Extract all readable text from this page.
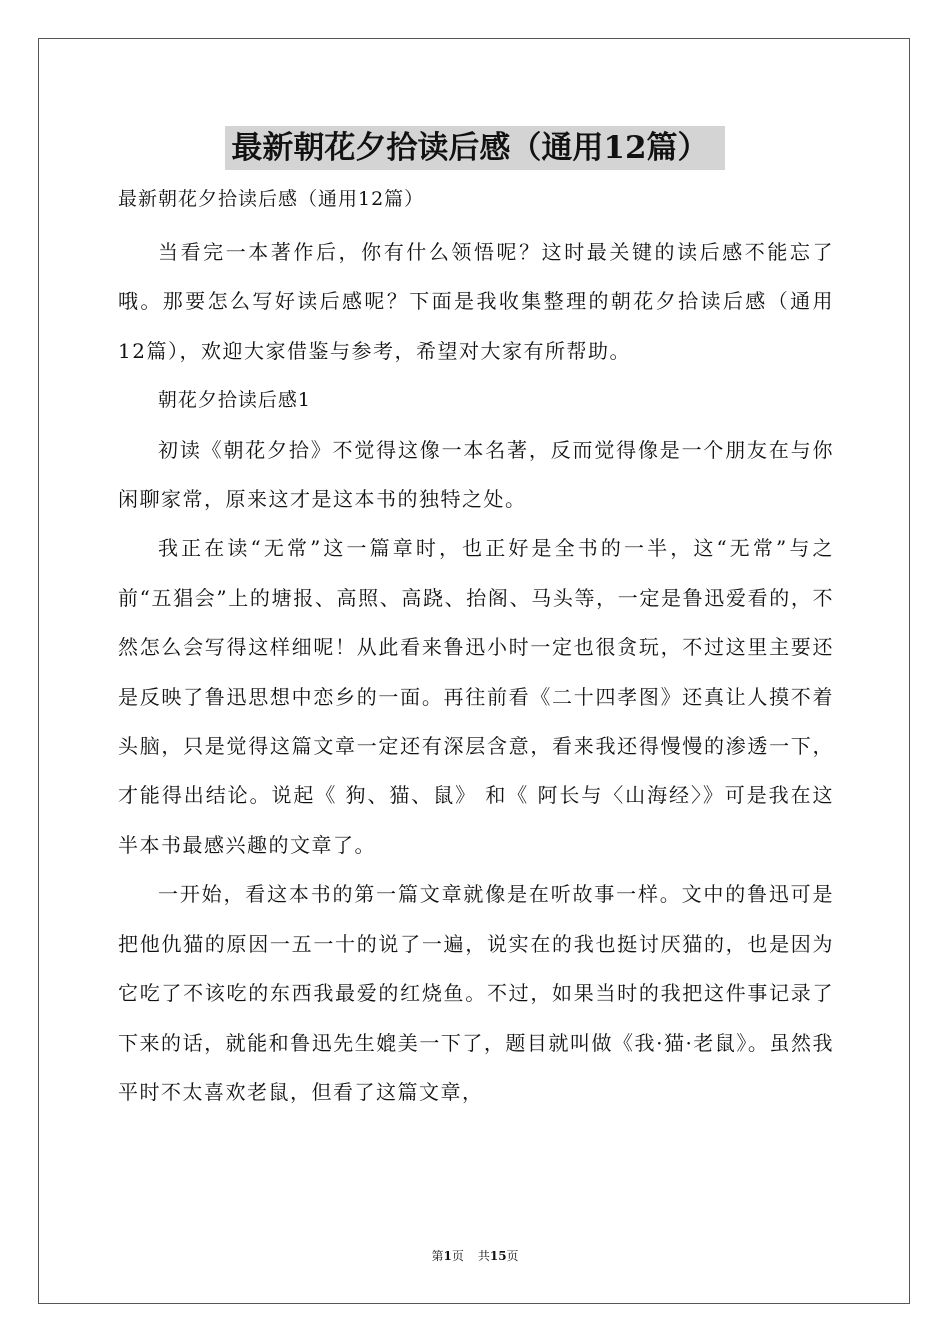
最新朝花夕拾读后感（通用12篇）

最新朝花夕拾读后感（通用12篇）

当看完一本著作后，你有什么领悟呢？这时最关键的读后感不能忘了哦。那要怎么写好读后感呢？下面是我收集整理的朝花夕拾读后感（通用12篇），欢迎大家借鉴与参考，希望对大家有所帮助。

朝花夕拾读后感1

初读《朝花夕拾》不觉得这像一本名著，反而觉得像是一个朋友在与你闲聊家常，原来这才是这本书的独特之处。

我正在读“无常”这一篇章时，也正好是全书的一半，这“无常”与之前“五猖会”上的塘报、高照、高跷、抬阁、马头等，一定是鲁迅爱看的，不然怎么会写得这样细呢！从此看来鲁迅小时一定也很贪玩，不过这里主要还是反映了鲁迅思想中恋乡的一面。再往前看《二十四孝图》还真让人摸不着头脑，只是觉得这篇文章一定还有深层含意，看来我还得慢慢的渗透一下，才能得出结论。说起《 狗、猫、鼠》 和《 阿长与〈山海经〉》可是我在这半本书最感兴趣的文章了。

一开始，看这本书的第一篇文章就像是在听故事一样。文中的鲁迅可是把他仇猫的原因一五一十的说了一遍，说实在的我也挺讨厌猫的，也是因为它吃了不该吃的东西我最爱的红烧鱼。不过，如果当时的我把这件事记录了下来的话，就能和鲁迅先生媲美一下了，题目就叫做《我·猫·老鼠》。虽然我平时不太喜欢老鼠，但看了这篇文章，

第1页 共15页
